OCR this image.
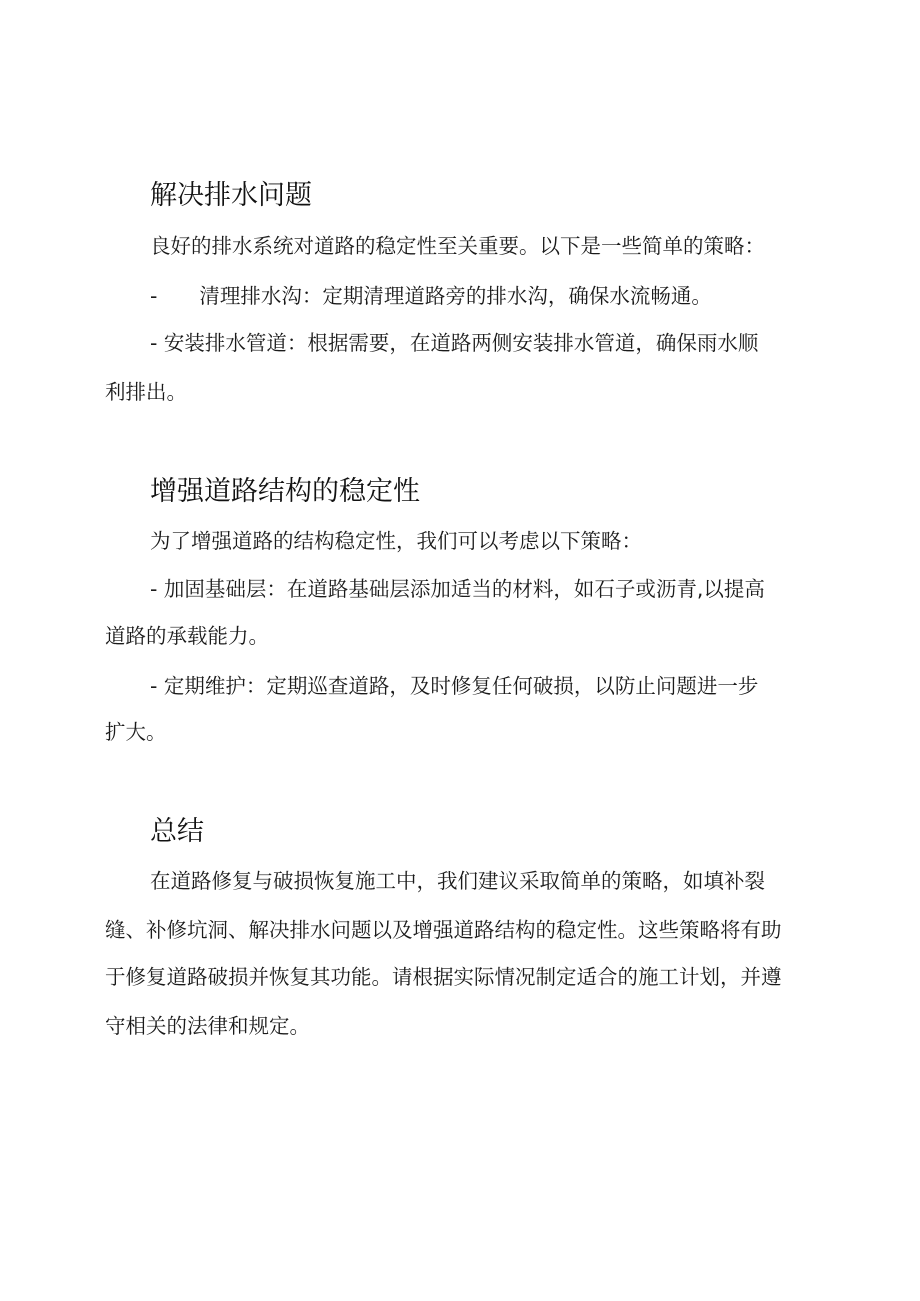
解决排水问题

良好的排水系统对道路的稳定性至关重要。以下是一些简单的策略：

- 清理排水沟：定期清理道路旁的排水沟，确保水流畅通。

- 安装排水管道：根据需要，在道路两侧安装排水管道，确保雨水顺

利排出。

增强道路结构的稳定性

为了增强道路的结构稳定性，我们可以考虑以下策略：

- 加固基础层：在道路基础层添加适当的材料，如石子或沥青,以提高

道路的承载能力。

- 定期维护：定期巡查道路，及时修复任何破损，以防止问题进一步

扩大。

总结

在道路修复与破损恢复施工中，我们建议采取简单的策略，如填补裂

缝、补修坑洞、解决排水问题以及增强道路结构的稳定性。这些策略将有助

于修复道路破损并恢复其功能。请根据实际情况制定适合的施工计划，并遵

守相关的法律和规定。
